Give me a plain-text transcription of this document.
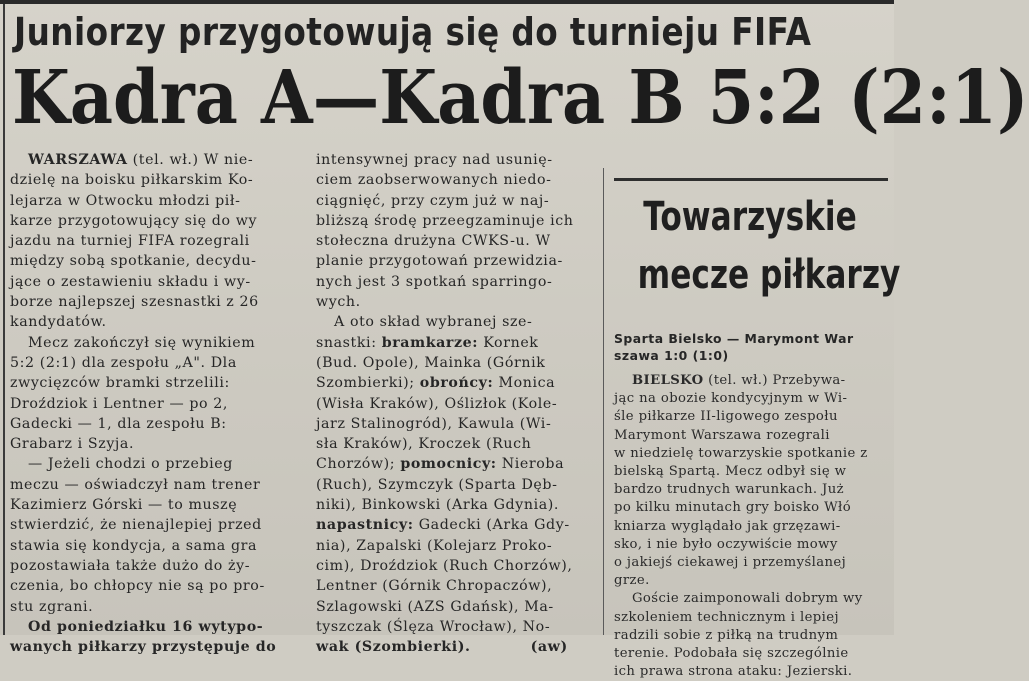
Juniorzy przygotowują się do turnieju FIFA
Kadra A—Kadra B 5:2 (2:1)
WARSZAWA (tel. wł.) W nie-
dzielę na boisku piłkarskim Ko-
lejarza w Otwocku młodzi pił-
karze przygotowujący się do wy
jazdu na turniej FIFA rozegrali
między sobą spotkanie, decydu-
jące o zestawieniu składu i wy-
borze najlepszej szesnastki z 26
kandydatów.
Mecz zakończył się wynikiem
5:2 (2:1) dla zespołu „A". Dla
zwycięzców bramki strzelili:
Droździok i Lentner — po 2,
Gadecki — 1, dla zespołu B:
Grabarz i Szyja.
— Jeżeli chodzi o przebieg
meczu — oświadczył nam trener
Kazimierz Górski — to muszę
stwierdzić, że nienajlepiej przed
stawia się kondycja, a sama gra
pozostawiała także dużo do ży-
czenia, bo chłopcy nie są po pro-
stu zgrani.
Od poniedziałku 16 wytypo-
wanych piłkarzy przystępuje do
intensywnej pracy nad usunię-
ciem zaobserwowanych niedo-
ciągnięć, przy czym już w naj-
bliższą środę przeegzaminuje ich
stołeczna drużyna CWKS-u. W
planie przygotowań przewidzia-
nych jest 3 spotkań sparringo-
wych.
A oto skład wybranej sze-
snastki: bramkarze: Kornek
(Bud. Opole), Mainka (Górnik
Szombierki); obrońcy: Monica
(Wisła Kraków), Oślizłok (Kole-
jarz Stalinogród), Kawula (Wi-
sła Kraków), Kroczek (Ruch
Chorzów); pomocnicy: Nieroba
(Ruch), Szymczyk (Sparta Dęb-
niki), Binkowski (Arka Gdynia).
napastnicy: Gadecki (Arka Gdy-
nia), Zapalski (Kolejarz Proko-
cim), Droździok (Ruch Chorzów),
Lentner (Górnik Chropaczów),
Szlagowski (AZS Gdańsk), Ma-
tyszczak (Ślęza Wrocław), No-
wak (Szombierki).	(aw)
Towarzyskie
mecze piłkarzy
Sparta Bielsko — Marymont War
szawa 1:0 (1:0)
BIELSKO (tel. wł.) Przebywa-
jąc na obozie kondycyjnym w Wi-
śle piłkarze II-ligowego zespołu
Marymont Warszawa rozegrali
w niedzielę towarzyskie spotkanie z
bielską Spartą. Mecz odbył się w
bardzo trudnych warunkach. Już
po kilku minutach gry boisko Włó
kniarza wyglądało jak grzęzawi-
sko, i nie było oczywiście mowy
o jakiejś ciekawej i przemyślanej
grze.
Goście zaimponowali dobrym wy
szkoleniem technicznym i lepiej
radzili sobie z piłką na trudnym
terenie. Podobała się szczególnie
ich prawa strona ataku: Jezierski.
